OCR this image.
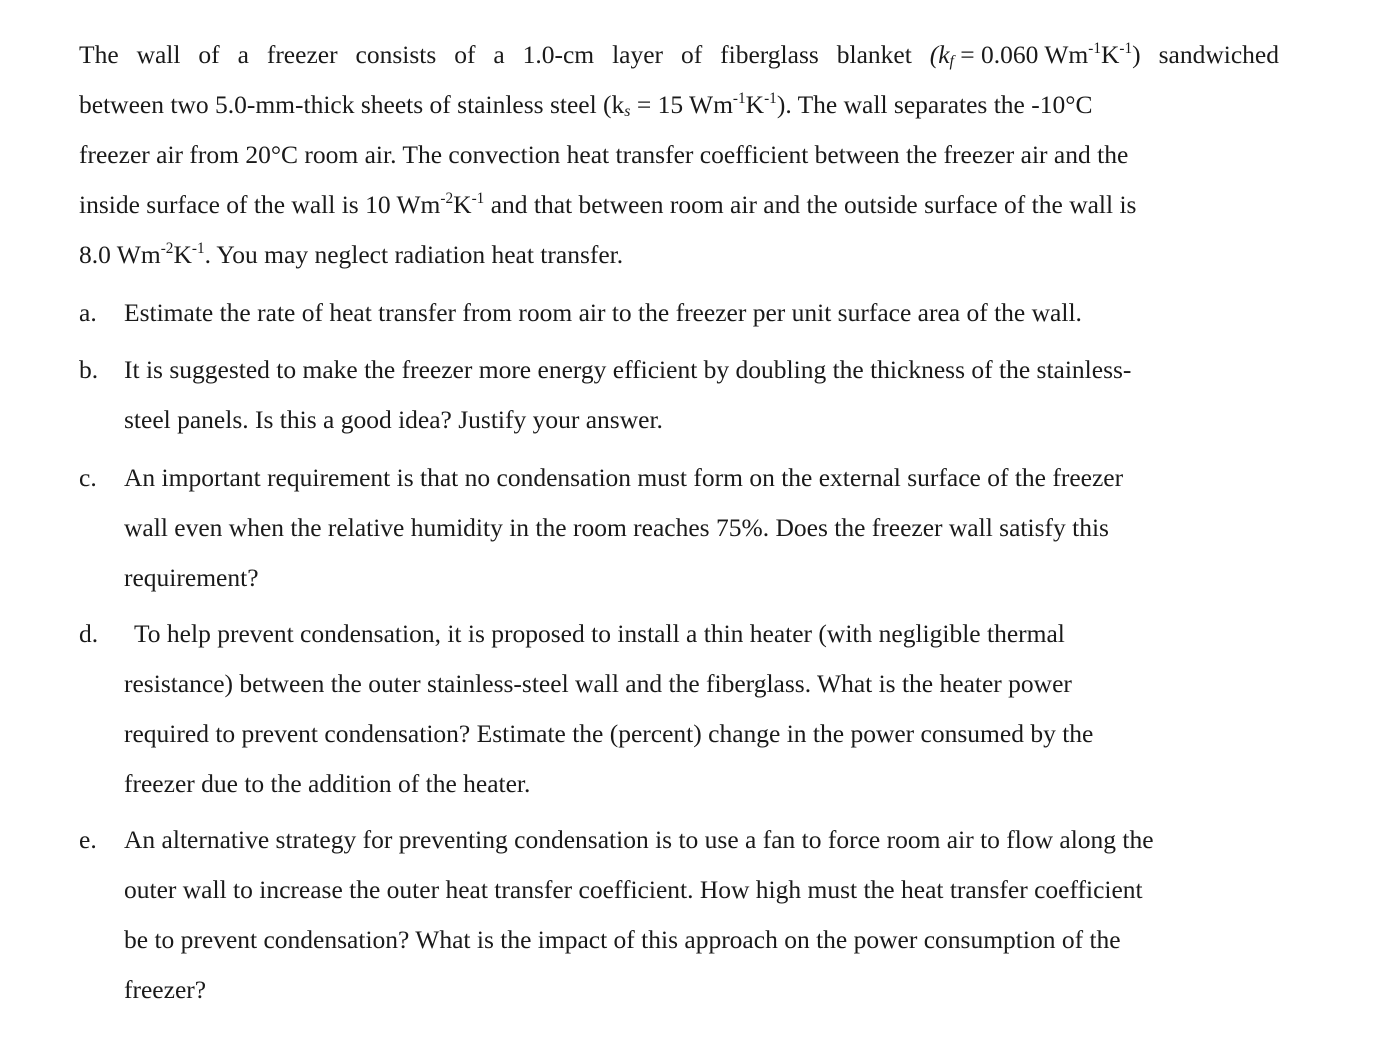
The wall of a freezer consists of a 1.0-cm layer of fiberglass blanket ($k_f = 0.060$ $Wm^{-1}K^{-1}$) sandwiched
between two 5.0-mm-thick sheets of stainless steel ($k_s = 15$ $Wm^{-1}K^{-1}$). The wall separates the -10°C
freezer air from 20°C room air. The convection heat transfer coefficient between the freezer air and the
inside surface of the wall is 10 $Wm^{-2}K^{-1}$ and that between room air and the outside surface of the wall is
8.0 $Wm^{-2}K^{-1}$. You may neglect radiation heat transfer.
a. Estimate the rate of heat transfer from room air to the freezer per unit surface area of the wall.
b. It is suggested to make the freezer more energy efficient by doubling the thickness of the stainless-
steel panels. Is this a good idea? Justify your answer.
c. An important requirement is that no condensation must form on the external surface of the freezer
wall even when the relative humidity in the room reaches 75%. Does the freezer wall satisfy this
requirement?
d.	To help prevent condensation, it is proposed to install a thin heater (with negligible thermal
resistance) between the outer stainless-steel wall and the fiberglass. What is the heater power
required to prevent condensation? Estimate the (percent) change in the power consumed by the
freezer due to the addition of the heater.
e. An alternative strategy for preventing condensation is to use a fan to force room air to flow along the
outer wall to increase the outer heat transfer coefficient. How high must the heat transfer coefficient
be to prevent condensation? What is the impact of this approach on the power consumption of the
freezer?
